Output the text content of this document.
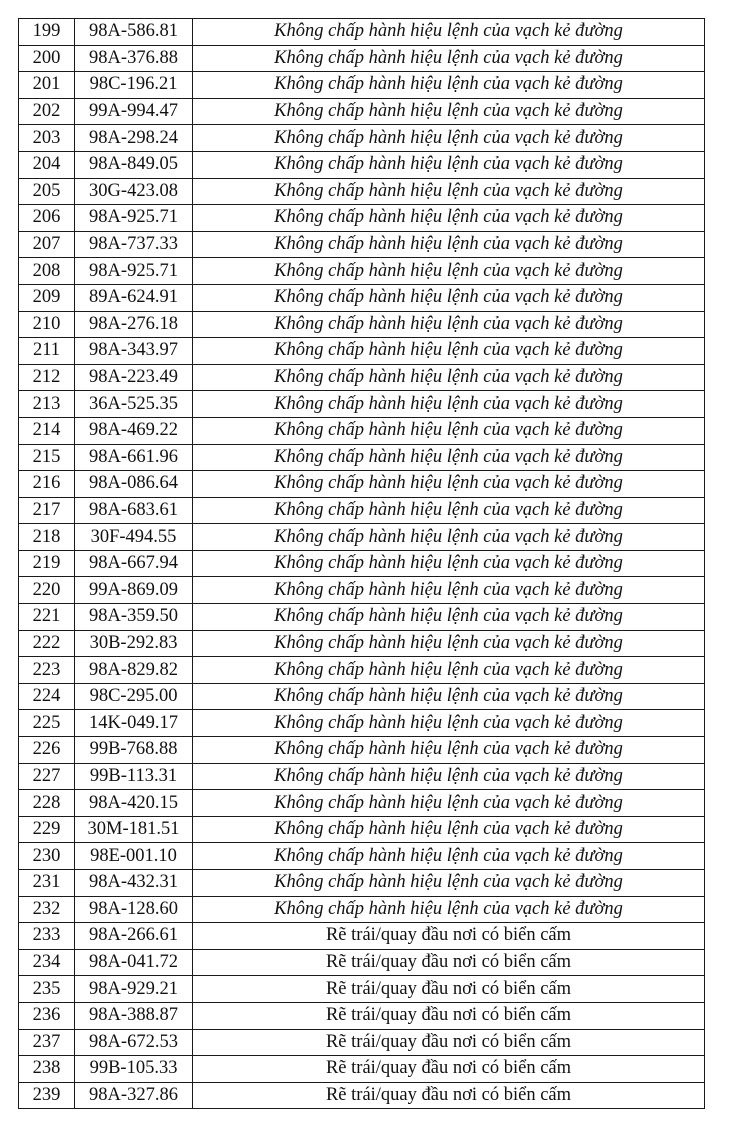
199	98A-586.81	Không chấp hành hiệu lệnh của vạch kẻ đường
200	98A-376.88	Không chấp hành hiệu lệnh của vạch kẻ đường
201	98C-196.21	Không chấp hành hiệu lệnh của vạch kẻ đường
202	99A-994.47	Không chấp hành hiệu lệnh của vạch kẻ đường
203	98A-298.24	Không chấp hành hiệu lệnh của vạch kẻ đường
204	98A-849.05	Không chấp hành hiệu lệnh của vạch kẻ đường
205	30G-423.08	Không chấp hành hiệu lệnh của vạch kẻ đường
206	98A-925.71	Không chấp hành hiệu lệnh của vạch kẻ đường
207	98A-737.33	Không chấp hành hiệu lệnh của vạch kẻ đường
208	98A-925.71	Không chấp hành hiệu lệnh của vạch kẻ đường
209	89A-624.91	Không chấp hành hiệu lệnh của vạch kẻ đường
210	98A-276.18	Không chấp hành hiệu lệnh của vạch kẻ đường
211	98A-343.97	Không chấp hành hiệu lệnh của vạch kẻ đường
212	98A-223.49	Không chấp hành hiệu lệnh của vạch kẻ đường
213	36A-525.35	Không chấp hành hiệu lệnh của vạch kẻ đường
214	98A-469.22	Không chấp hành hiệu lệnh của vạch kẻ đường
215	98A-661.96	Không chấp hành hiệu lệnh của vạch kẻ đường
216	98A-086.64	Không chấp hành hiệu lệnh của vạch kẻ đường
217	98A-683.61	Không chấp hành hiệu lệnh của vạch kẻ đường
218	30F-494.55	Không chấp hành hiệu lệnh của vạch kẻ đường
219	98A-667.94	Không chấp hành hiệu lệnh của vạch kẻ đường
220	99A-869.09	Không chấp hành hiệu lệnh của vạch kẻ đường
221	98A-359.50	Không chấp hành hiệu lệnh của vạch kẻ đường
222	30B-292.83	Không chấp hành hiệu lệnh của vạch kẻ đường
223	98A-829.82	Không chấp hành hiệu lệnh của vạch kẻ đường
224	98C-295.00	Không chấp hành hiệu lệnh của vạch kẻ đường
225	14K-049.17	Không chấp hành hiệu lệnh của vạch kẻ đường
226	99B-768.88	Không chấp hành hiệu lệnh của vạch kẻ đường
227	99B-113.31	Không chấp hành hiệu lệnh của vạch kẻ đường
228	98A-420.15	Không chấp hành hiệu lệnh của vạch kẻ đường
229	30M-181.51	Không chấp hành hiệu lệnh của vạch kẻ đường
230	98E-001.10	Không chấp hành hiệu lệnh của vạch kẻ đường
231	98A-432.31	Không chấp hành hiệu lệnh của vạch kẻ đường
232	98A-128.60	Không chấp hành hiệu lệnh của vạch kẻ đường
233	98A-266.61	Rẽ trái/quay đầu nơi có biển cấm
234	98A-041.72	Rẽ trái/quay đầu nơi có biển cấm
235	98A-929.21	Rẽ trái/quay đầu nơi có biển cấm
236	98A-388.87	Rẽ trái/quay đầu nơi có biển cấm
237	98A-672.53	Rẽ trái/quay đầu nơi có biển cấm
238	99B-105.33	Rẽ trái/quay đầu nơi có biển cấm
239	98A-327.86	Rẽ trái/quay đầu nơi có biển cấm
